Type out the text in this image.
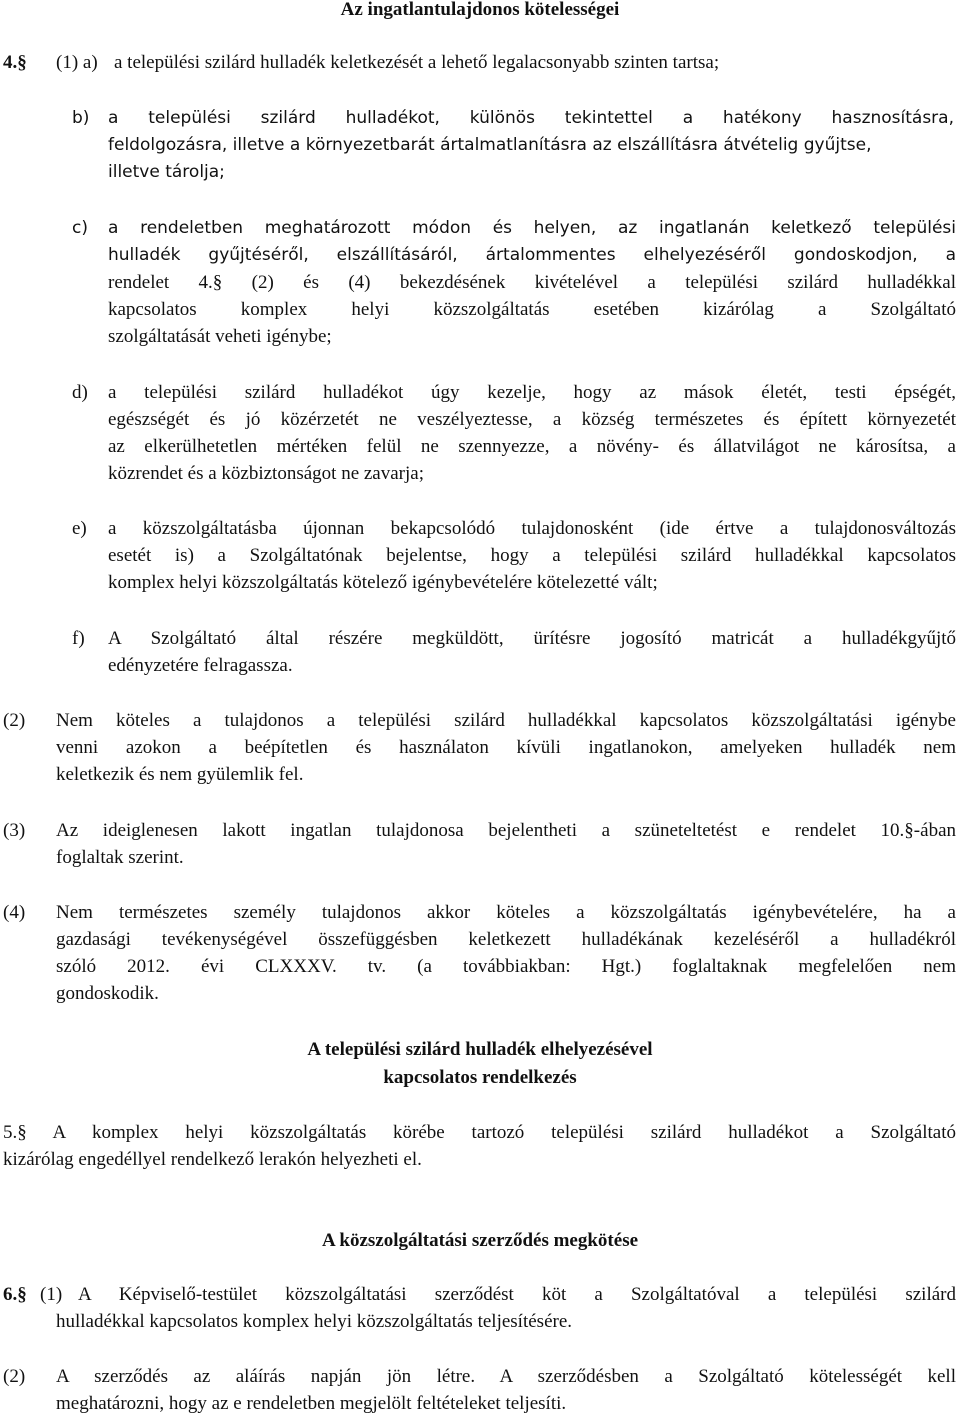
Az ingatlantulajdonos kötelességei
4.§ (1) a) a települési szilárd hulladék keletkezését a lehető legalacsonyabb szinten tartsa;
b) a települési szilárd hulladékot, különös tekintettel a hatékony hasznosításra,
feldolgozásra, illetve a környezetbarát ártalmatlanításra az elszállításra átvételig gyűjtse,
illetve tárolja;
c) a rendeletben meghatározott módon és helyen, az ingatlanán keletkező települési
hulladék gyűjtéséről, elszállításáról, ártalommentes elhelyezéséről gondoskodjon, a
rendelet 4.§ (2) és (4) bekezdésének kivételével a települési szilárd hulladékkal
kapcsolatos komplex helyi közszolgáltatás esetében kizárólag a Szolgáltató
szolgáltatását veheti igénybe;
d) a települési szilárd hulladékot úgy kezelje, hogy az mások életét, testi épségét,
egészségét és jó közérzetét ne veszélyeztesse, a község természetes és épített környezetét
az elkerülhetetlen mértéken felül ne szennyezze, a növény- és állatvilágot ne károsítsa, a
közrendet és a közbiztonságot ne zavarja;
e) a közszolgáltatásba újonnan bekapcsolódó tulajdonosként (ide értve a tulajdonosváltozás
esetét is) a Szolgáltatónak bejelentse, hogy a települési szilárd hulladékkal kapcsolatos
komplex helyi közszolgáltatás kötelező igénybevételére kötelezetté vált;
f) A Szolgáltató által részére megküldött, ürítésre jogosító matricát a hulladékgyűjtő
edényzetére felragassza.
(2) Nem köteles a tulajdonos a települési szilárd hulladékkal kapcsolatos közszolgáltatási igénybe
venni azokon a beépítetlen és használaton kívüli ingatlanokon, amelyeken hulladék nem
keletkezik és nem gyülemlik fel.
(3) Az ideiglenesen lakott ingatlan tulajdonosa bejelentheti a szüneteltetést e rendelet 10.§-ában
foglaltak szerint.
(4) Nem természetes személy tulajdonos akkor köteles a közszolgáltatás igénybevételére, ha a
gazdasági tevékenységével összefüggésben keletkezett hulladékának kezeléséről a hulladékról
szóló 2012. évi CLXXXV. tv. (a továbbiakban: Hgt.) foglaltaknak megfelelően nem
gondoskodik.
A települési szilárd hulladék elhelyezésével
kapcsolatos rendelkezés
5.§ A komplex helyi közszolgáltatás körébe tartozó települési szilárd hulladékot a Szolgáltató
kizárólag engedéllyel rendelkező lerakón helyezheti el.
A közszolgáltatási szerződés megkötése
6.§ (1) A Képviselő-testület közszolgáltatási szerződést köt a Szolgáltatóval a települési szilárd
hulladékkal kapcsolatos komplex helyi közszolgáltatás teljesítésére.
(2) A szerződés az aláírás napján jön létre. A szerződésben a Szolgáltató kötelességét kell
meghatározni, hogy az e rendeletben megjelölt feltételeket teljesíti.
